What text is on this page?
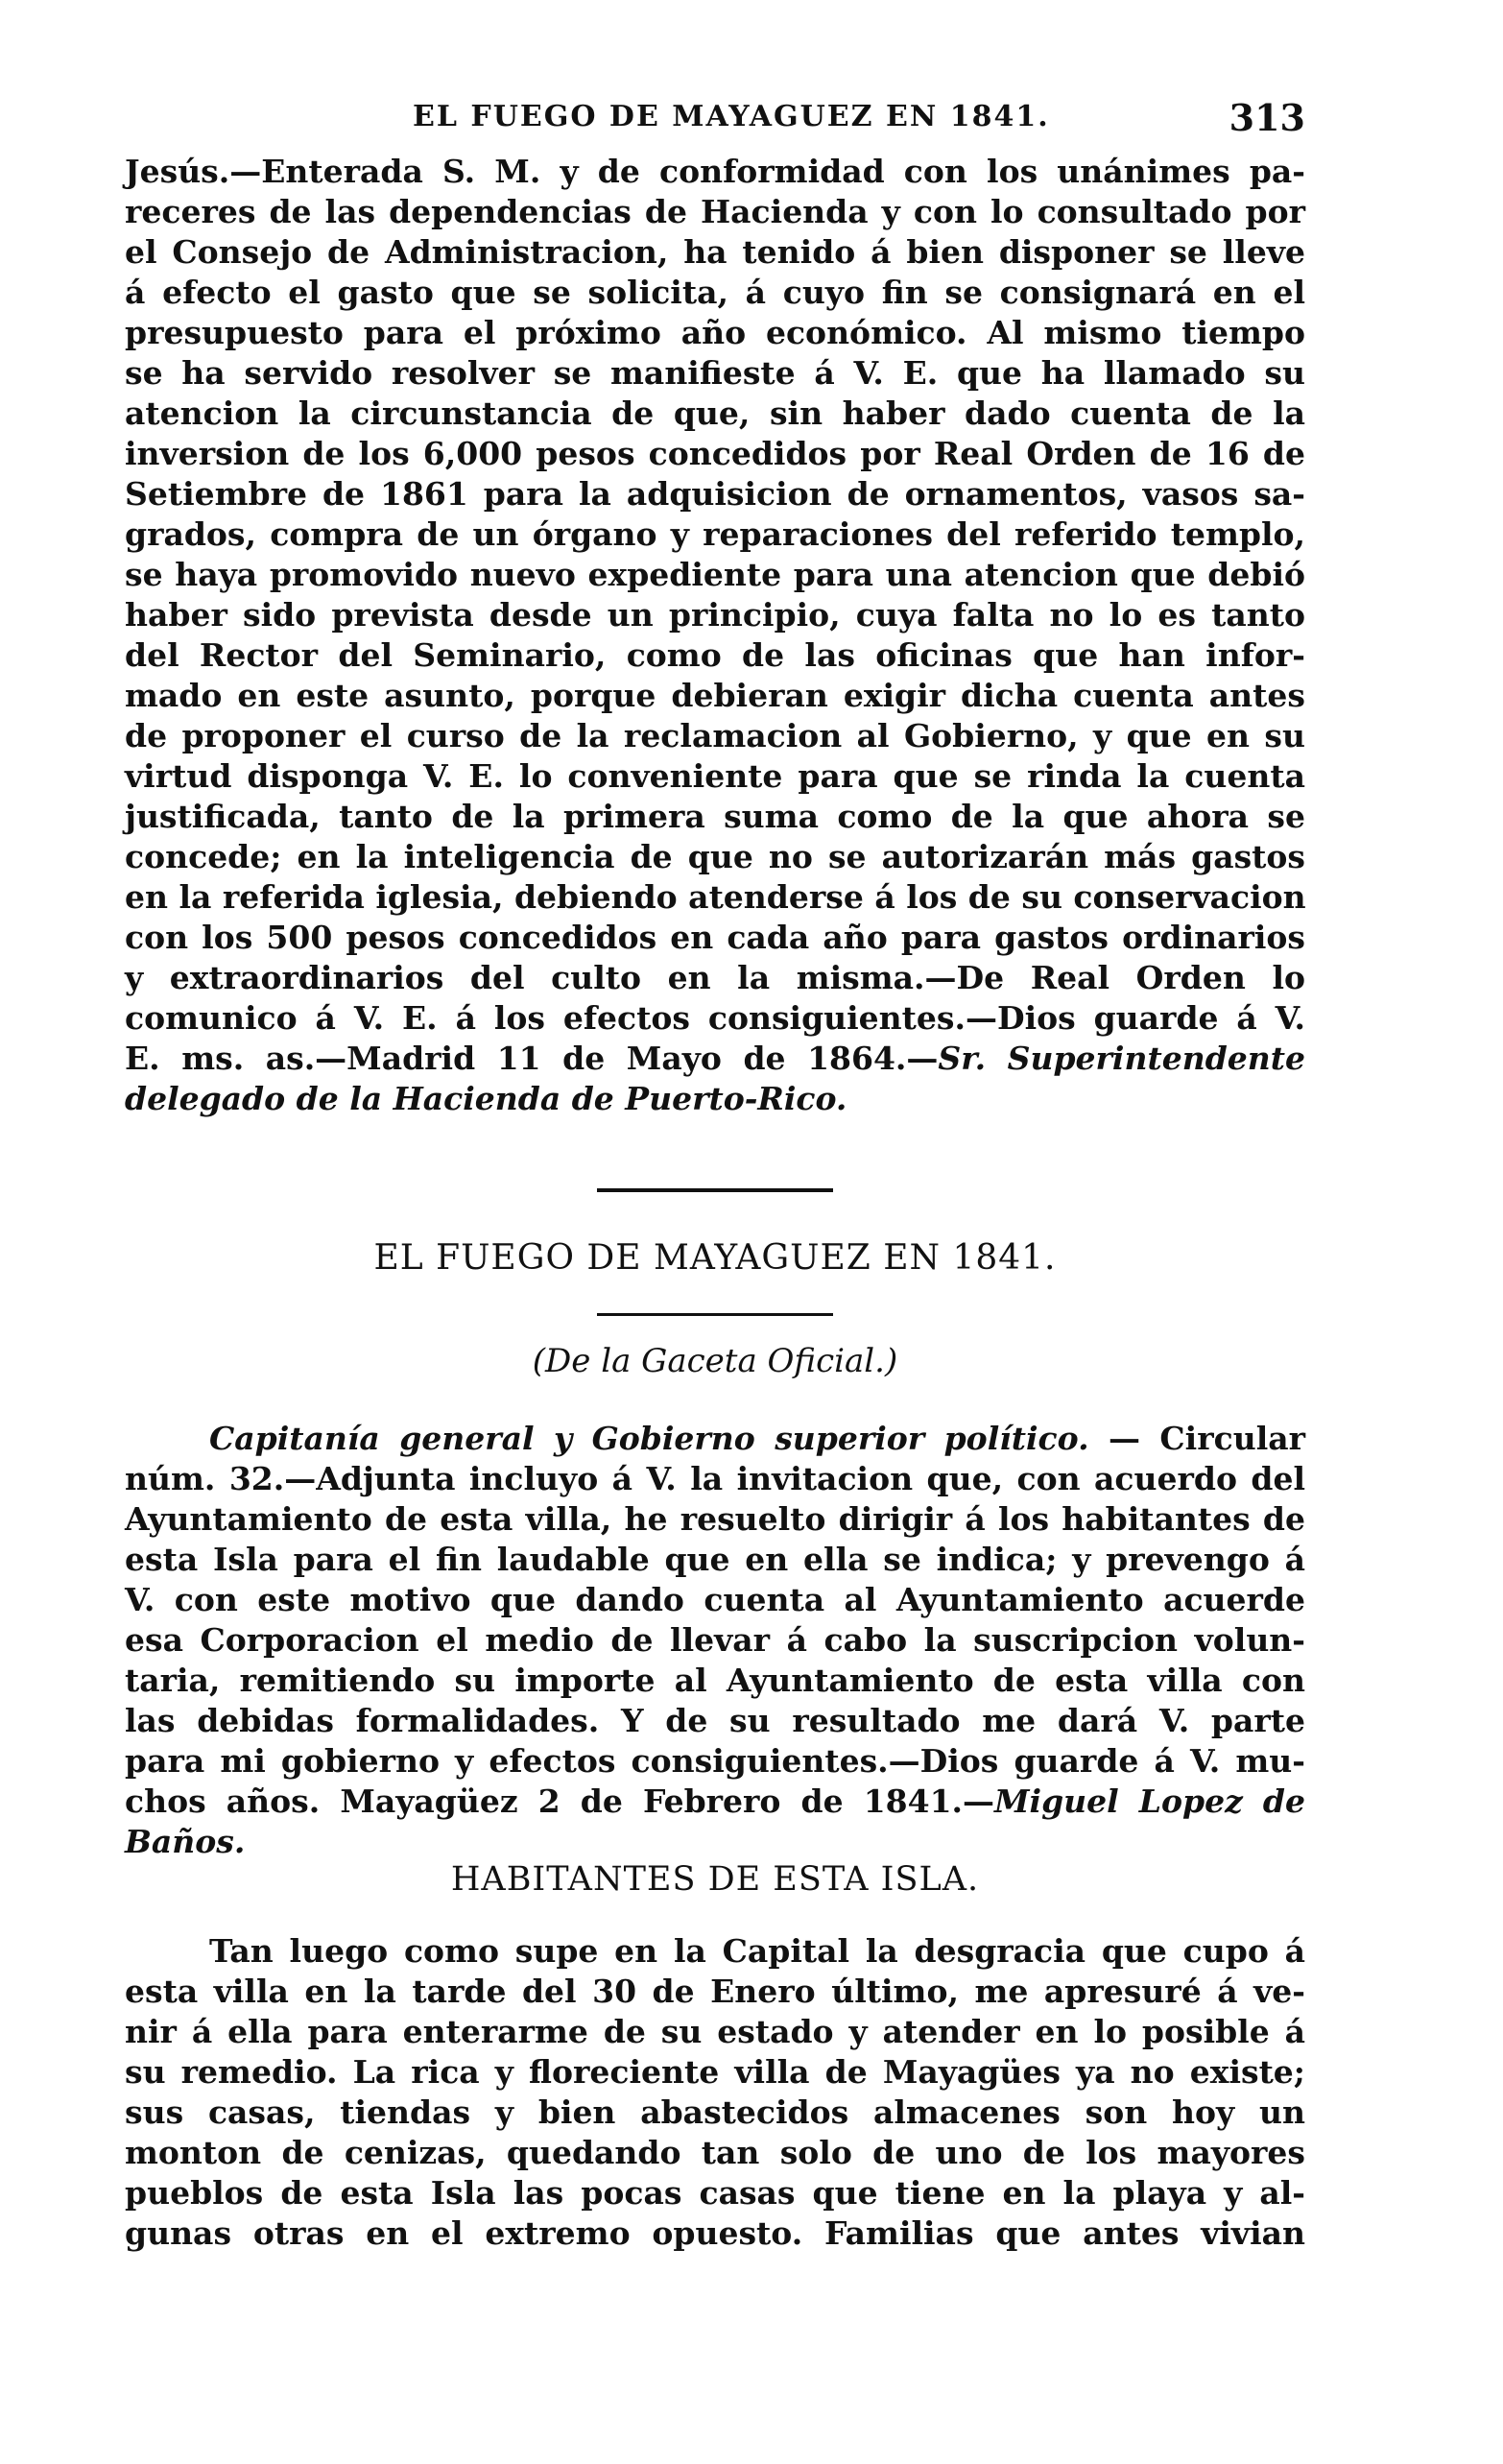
EL FUEGO DE MAYAGUEZ EN 1841.	313
Jesús.—Enterada S. M. y de conformidad con los unánimes pa-
receres de las dependencias de Hacienda y con lo consultado por
el Consejo de Administracion, ha tenido á bien disponer se lleve
á efecto el gasto que se solicita, á cuyo fin se consignará en el
presupuesto para el próximo año económico. Al mismo tiempo
se ha servido resolver se manifieste á V. E. que ha llamado su
atencion la circunstancia de que, sin haber dado cuenta de la
inversion de los 6,000 pesos concedidos por Real Orden de 16 de
Setiembre de 1861 para la adquisicion de ornamentos, vasos sa-
grados, compra de un órgano y reparaciones del referido templo,
se haya promovido nuevo expediente para una atencion que debió
haber sido prevista desde un principio, cuya falta no lo es tanto
del Rector del Seminario, como de las oficinas que han infor-
mado en este asunto, porque debieran exigir dicha cuenta antes
de proponer el curso de la reclamacion al Gobierno, y que en su
virtud disponga V. E. lo conveniente para que se rinda la cuenta
justificada, tanto de la primera suma como de la que ahora se
concede; en la inteligencia de que no se autorizarán más gastos
en la referida iglesia, debiendo atenderse á los de su conservacion
con los 500 pesos concedidos en cada año para gastos ordinarios
y extraordinarios del culto en la misma.—De Real Orden lo
comunico á V. E. á los efectos consiguientes.—Dios guarde á V.
E. ms. as.—Madrid 11 de Mayo de 1864.—Sr. Superintendente
delegado de la Hacienda de Puerto-Rico.
EL FUEGO DE MAYAGUEZ EN 1841.
(De la Gaceta Oficial.)
Capitanía general y Gobierno superior político. — Circular
núm. 32.—Adjunta incluyo á V. la invitacion que, con acuerdo del
Ayuntamiento de esta villa, he resuelto dirigir á los habitantes de
esta Isla para el fin laudable que en ella se indica; y prevengo á
V. con este motivo que dando cuenta al Ayuntamiento acuerde
esa Corporacion el medio de llevar á cabo la suscripcion volun-
taria, remitiendo su importe al Ayuntamiento de esta villa con
las debidas formalidades. Y de su resultado me dará V. parte
para mi gobierno y efectos consiguientes.—Dios guarde á V. mu-
chos años. Mayagüez 2 de Febrero de 1841.—Miguel Lopez de
Baños.
HABITANTES DE ESTA ISLA.
Tan luego como supe en la Capital la desgracia que cupo á
esta villa en la tarde del 30 de Enero último, me apresuré á ve-
nir á ella para enterarme de su estado y atender en lo posible á
su remedio. La rica y floreciente villa de Mayagües ya no existe;
sus casas, tiendas y bien abastecidos almacenes son hoy un
monton de cenizas, quedando tan solo de uno de los mayores
pueblos de esta Isla las pocas casas que tiene en la playa y al-
gunas otras en el extremo opuesto. Familias que antes vivian
